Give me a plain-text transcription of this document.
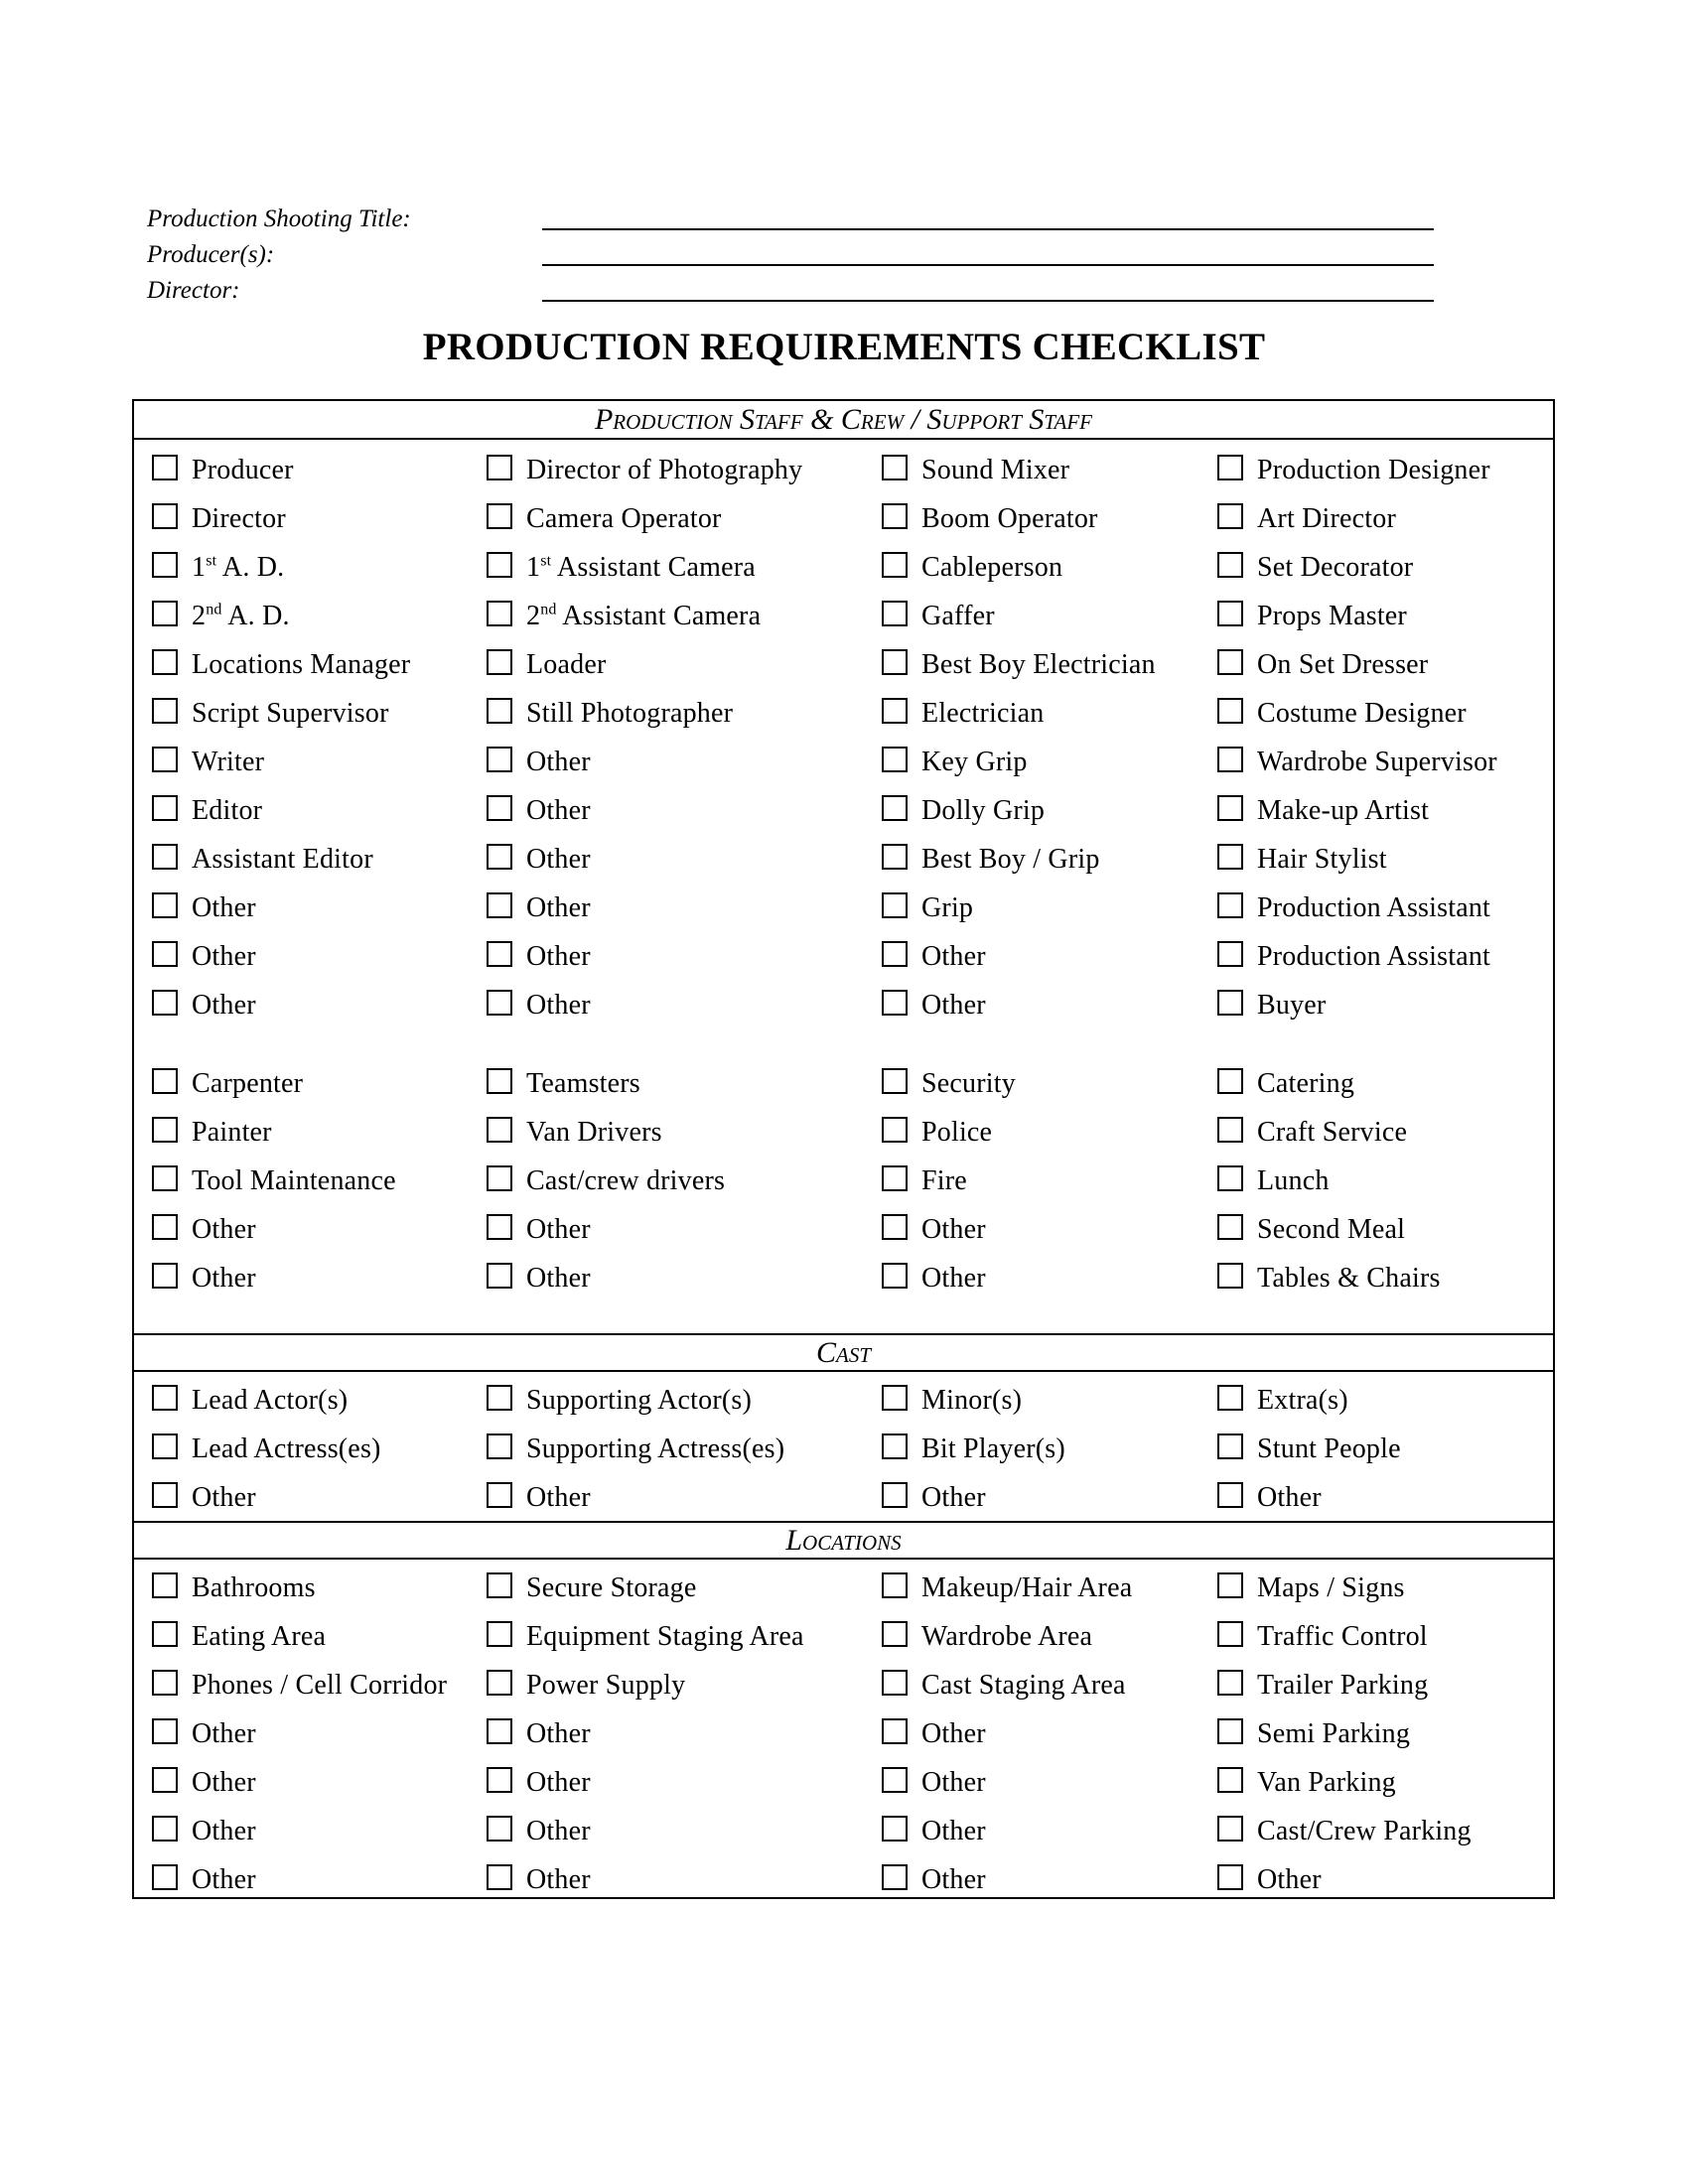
Production Shooting Title:
Producer(s):
Director:
PRODUCTION REQUIREMENTS CHECKLIST
Production Staff & Crew / Support Staff
Producer	Director of Photography	Sound Mixer	Production Designer
Director	Camera Operator	Boom Operator	Art Director
1st A. D.	1st Assistant Camera	Cableperson	Set Decorator
2nd A. D.	2nd Assistant Camera	Gaffer	Props Master
Locations Manager	Loader	Best Boy Electrician	On Set Dresser
Script Supervisor	Still Photographer	Electrician	Costume Designer
Writer	Other	Key Grip	Wardrobe Supervisor
Editor	Other	Dolly Grip	Make-up Artist
Assistant Editor	Other	Best Boy / Grip	Hair Stylist
Other	Other	Grip	Production Assistant
Other	Other	Other	Production Assistant
Other	Other	Other	Buyer
Carpenter	Teamsters	Security	Catering
Painter	Van Drivers	Police	Craft Service
Tool Maintenance	Cast/crew drivers	Fire	Lunch
Other	Other	Other	Second Meal
Other	Other	Other	Tables & Chairs
Cast
Lead Actor(s)	Supporting Actor(s)	Minor(s)	Extra(s)
Lead Actress(es)	Supporting Actress(es)	Bit Player(s)	Stunt People
Other	Other	Other	Other
Locations
Bathrooms	Secure Storage	Makeup/Hair Area	Maps / Signs
Eating Area	Equipment Staging Area	Wardrobe Area	Traffic Control
Phones / Cell Corridor	Power Supply	Cast Staging Area	Trailer Parking
Other	Other	Other	Semi Parking
Other	Other	Other	Van Parking
Other	Other	Other	Cast/Crew Parking
Other	Other	Other	Other
